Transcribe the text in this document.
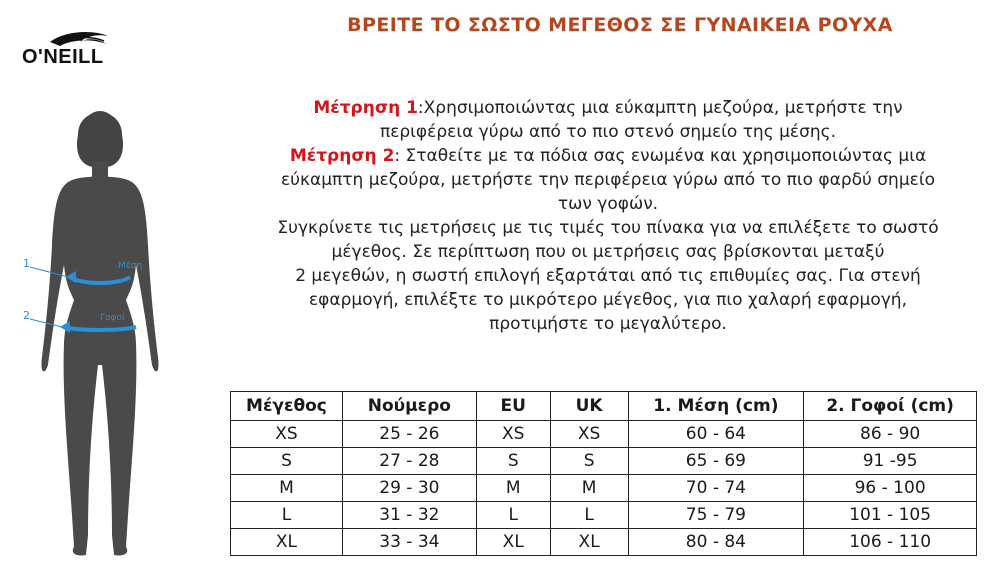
ΒΡΕΙΤΕ ΤΟ ΣΩΣΤΟ ΜΕΓΕΘΟΣ ΣΕ ΓΥΝΑΙΚΕΙΑ ΡΟΥΧΑ
O'NEILL
1
2
Μέση
Γοφοί

Μέτρηση 1:Χρησιμοποιώντας μια εύκαμπτη μεζούρα, μετρήστε την

περιφέρεια γύρω από το πιο στενό σημείο της μέσης.

Μέτρηση 2: Σταθείτε με τα πόδια σας ενωμένα και χρησιμοποιώντας μια

εύκαμπτη μεζούρα, μετρήστε την περιφέρεια γύρω από το πιο φαρδύ σημείο

των γοφών.

Συγκρίνετε τις μετρήσεις με τις τιμές του πίνακα για να επιλέξετε το σωστό

μέγεθος. Σε περίπτωση που οι μετρήσεις σας βρίσκονται μεταξύ

2 μεγεθών, η σωστή επιλογή εξαρτάται από τις επιθυμίες σας. Για στενή

εφαρμογή, επιλέξτε το μικρότερο μέγεθος, για πιο χαλαρή εφαρμογή,

προτιμήστε το μεγαλύτερο.

Μέγεθος	Νούμερο	EU	UK	1. Μέση (cm)	2. Γοφοί (cm)
XS	25 - 26	XS	XS	60 - 64	86 - 90
S	27 - 28	S	S	65 - 69	91 -95
M	29 - 30	M	M	70 - 74	96 - 100
L	31 - 32	L	L	75 - 79	101 - 105
XL	33 - 34	XL	XL	80 - 84	106 - 110
